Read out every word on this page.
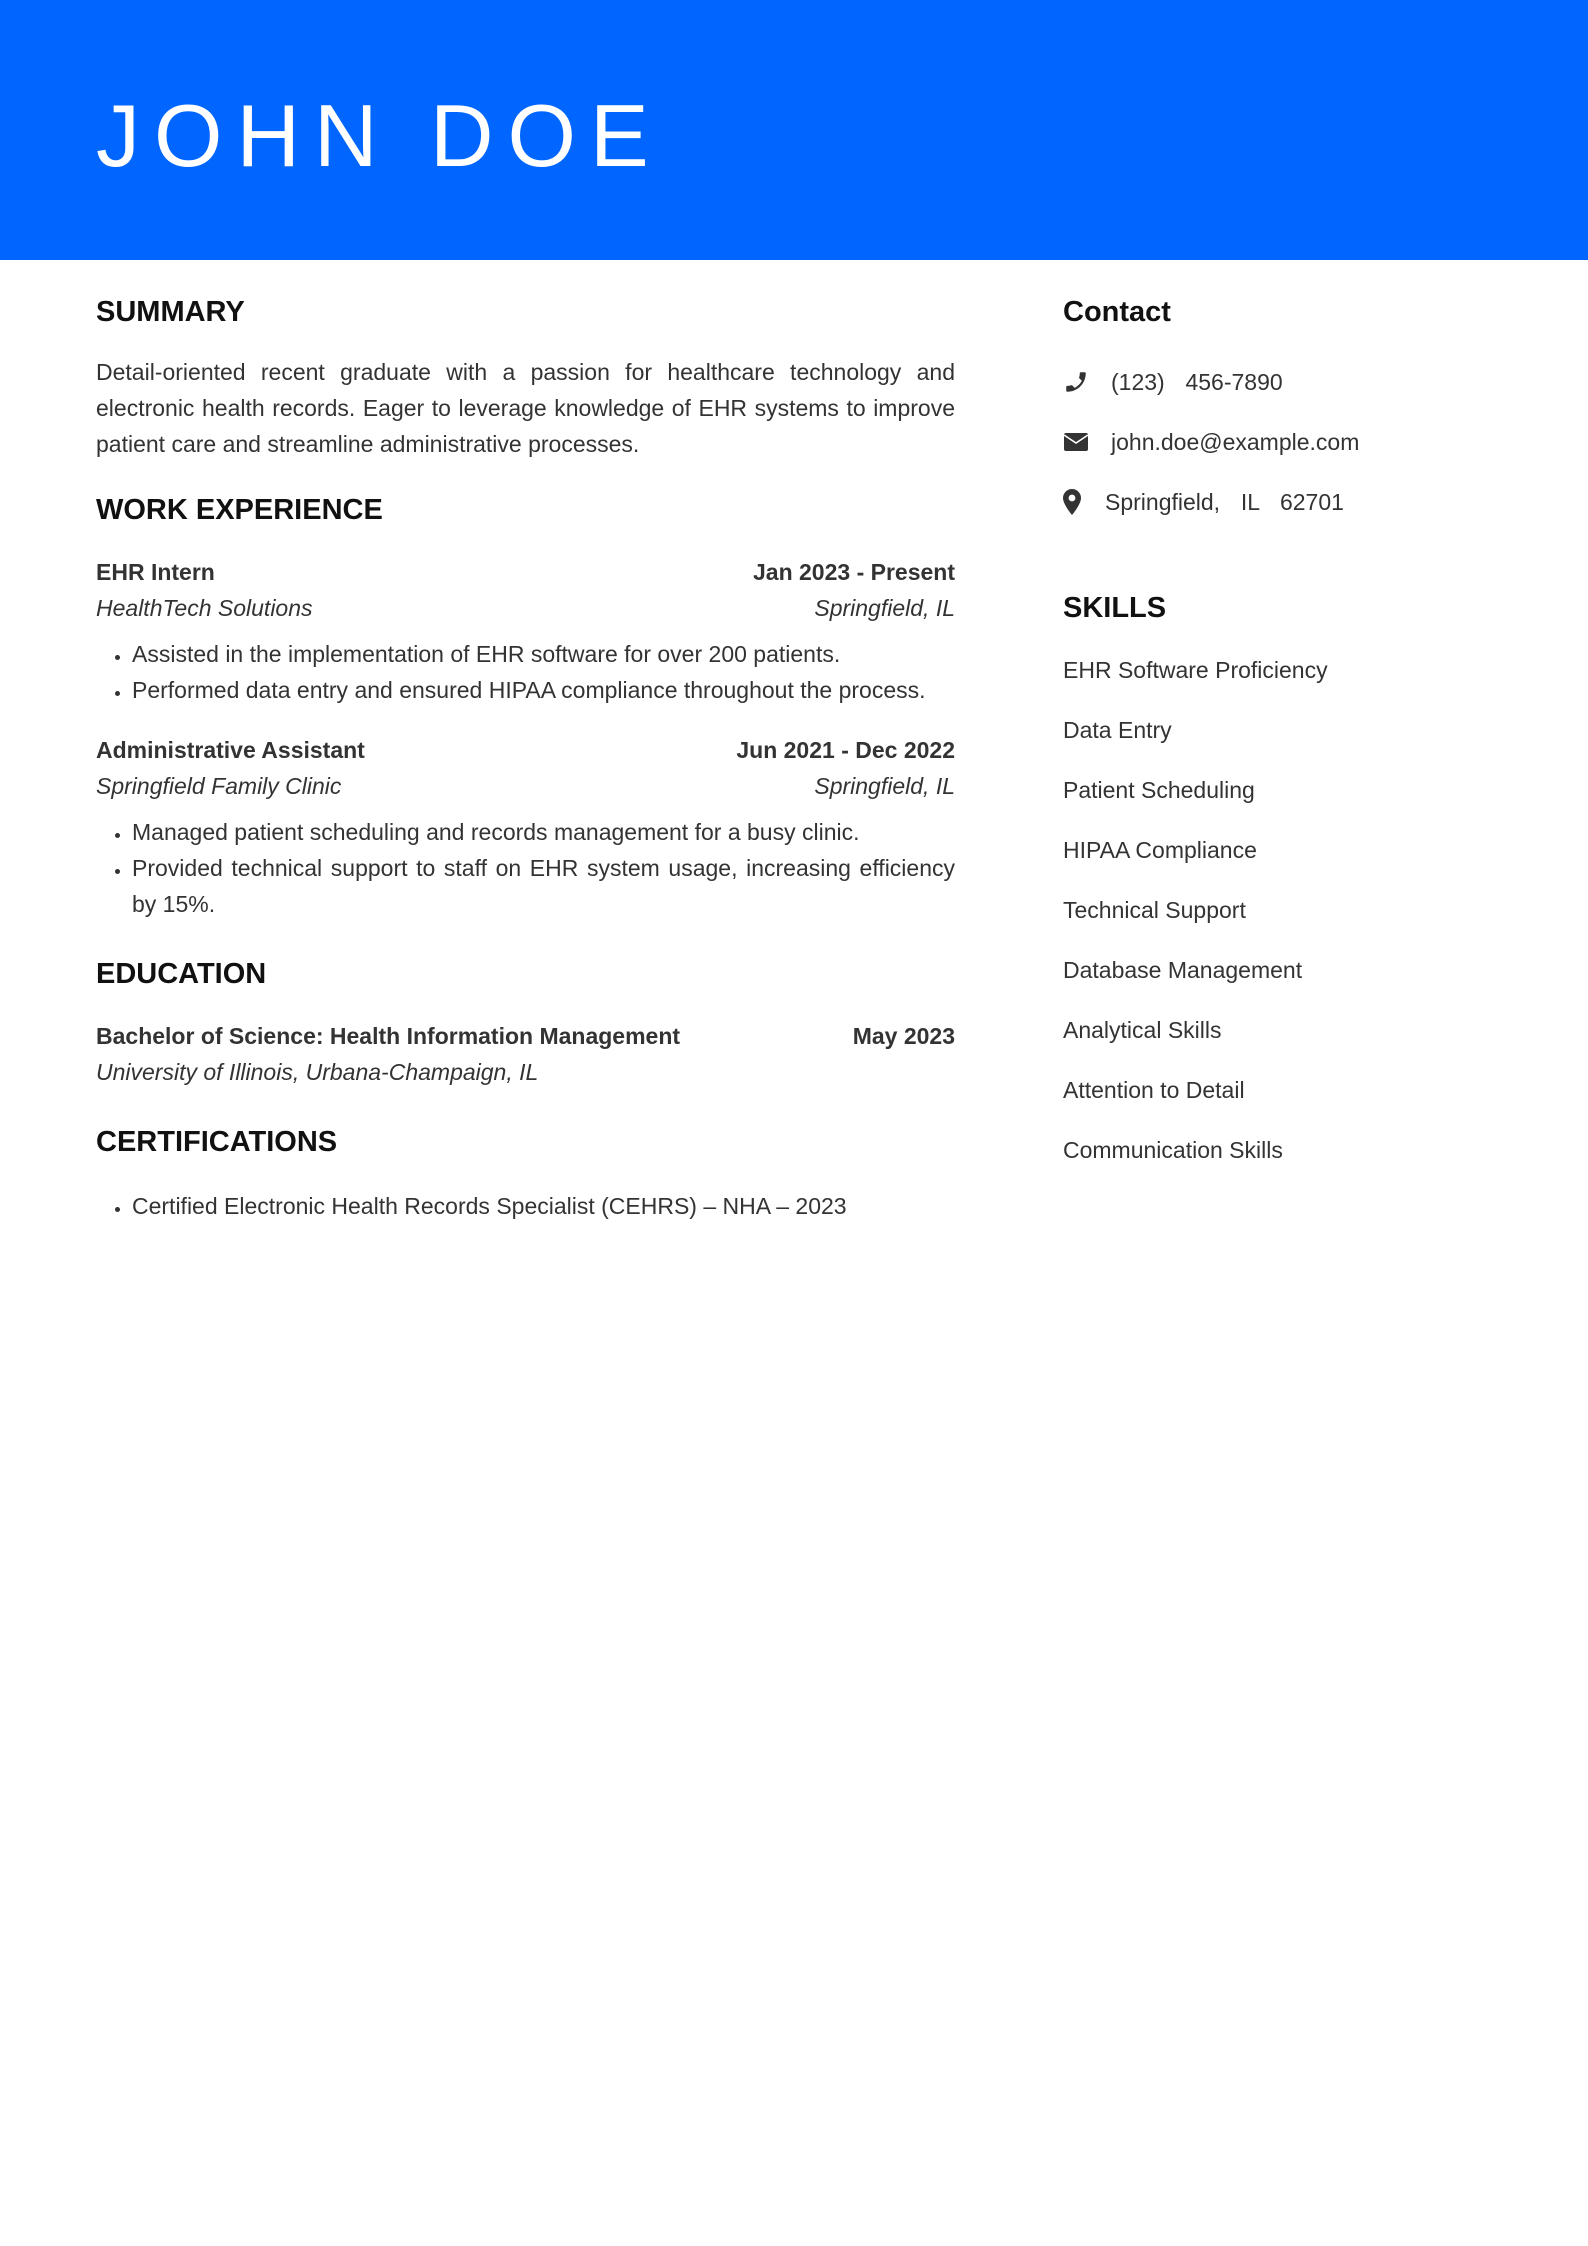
JOHN DOE
SUMMARY

Detail-oriented recent graduate with a passion for healthcare technology and electronic health records. Eager to leverage knowledge of EHR systems to improve patient care and streamline administrative processes.

WORK EXPERIENCE
EHR Intern	Jan 2023 - Present
HealthTech Solutions	Springfield, IL
• Assisted in the implementation of EHR software for over 200 patients.
• Performed data entry and ensured HIPAA compliance throughout the process.
Administrative Assistant	Jun 2021 - Dec 2022
Springfield Family Clinic	Springfield, IL
• Managed patient scheduling and records management for a busy clinic.
• Provided technical support to staff on EHR system usage, increasing efficiency by 15%.
EDUCATION
Bachelor of Science: Health Information Management	May 2023
University of Illinois, Urbana-Champaign, IL
CERTIFICATIONS
• Certified Electronic Health Records Specialist (CEHRS) – NHA – 2023
Contact
(123)  456-7890
john.doe@example.com
Springfield,  IL  62701
SKILLS
EHR Software Proficiency
Data Entry
Patient Scheduling
HIPAA Compliance
Technical Support
Database Management
Analytical Skills
Attention to Detail
Communication Skills
